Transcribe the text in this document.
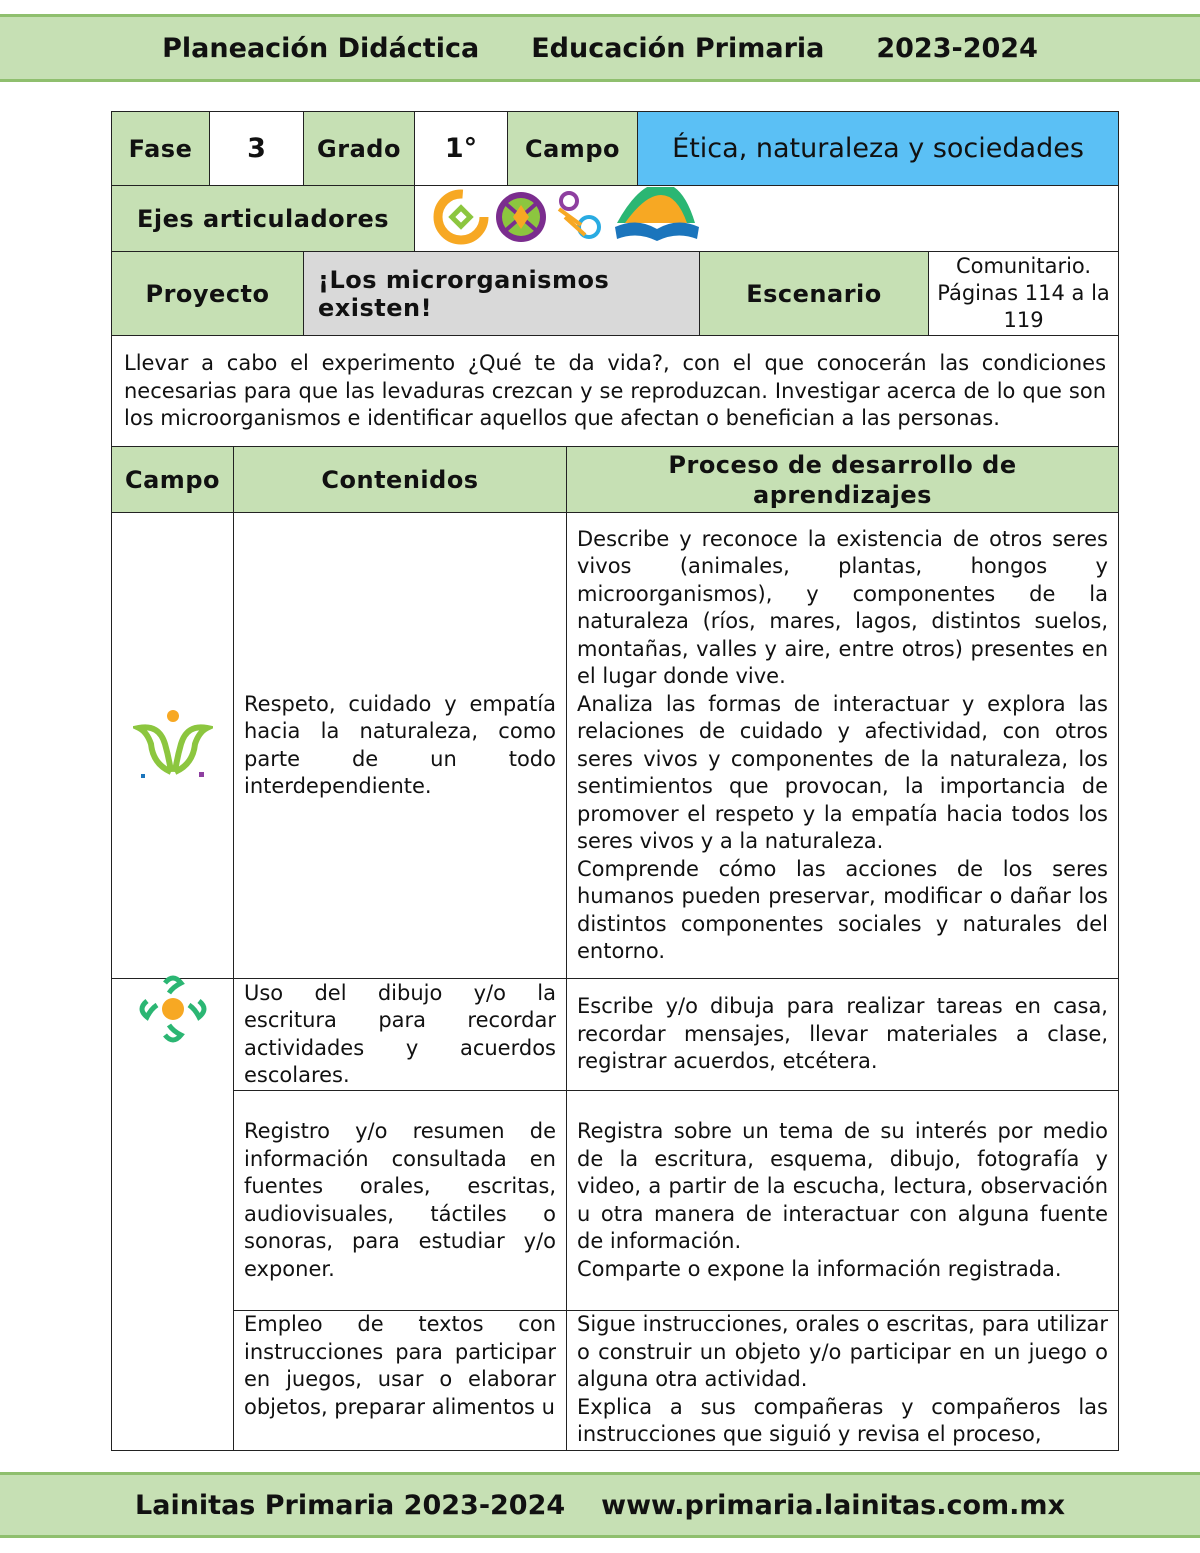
Planeación Didáctica Educación Primaria 2023-2024
Fase	3	Grado	1°	Campo	Ética, naturaleza y sociedades		
Ejes articuladores	
Proyecto		¡Los microrganismos existen!				Escenario	Comunitario. Páginas 114 a la 119
Llevar a cabo el experimento ¿Qué te da vida?, con el que conocerán las condiciones necesarias para que las levaduras crezcan y se reproduzcan. Investigar acerca de lo que son los microorganismos e identificar aquellos que afectan o benefician a las personas.							
Campo	Contenidos	Proceso de desarrollo de aprendizajes
	Respeto, cuidado y empatía hacia la naturaleza, como parte de un todo interdependiente.	Describe y reconoce la existencia de otros seres vivos (animales, plantas, hongos y microorganismos), y componentes de la naturaleza (ríos, mares, lagos, distintos suelos, montañas, valles y aire, entre otros) presentes en el lugar donde vive.

Analiza las formas de interactuar y explora las relaciones de cuidado y afectividad, con otros seres vivos y componentes de la naturaleza, los sentimientos que provocan, la importancia de promover el respeto y la empatía hacia todos los seres vivos y a la naturaleza.

Comprende cómo las acciones de los seres humanos pueden preservar, modificar o dañar los distintos componentes sociales y naturales del entorno.

	Uso del dibujo y/o la escritura para recordar actividades y acuerdos escolares.	Escribe y/o dibuja para realizar tareas en casa, recordar mensajes, llevar materiales a clase, registrar acuerdos, etcétera.

	Registro y/o resumen de información consultada en fuentes orales, escritas, audiovisuales, táctiles o sonoras, para estudiar y/o exponer.	Registra sobre un tema de su interés por medio de la escritura, esquema, dibujo, fotografía y video, a partir de la escucha, lectura, observación u otra manera de interactuar con alguna fuente de información.

Comparte o expone la información registrada.

	Empleo de textos con instrucciones para participar en juegos, usar o elaborar objetos, preparar alimentos u	Sigue instrucciones, orales o escritas, para utilizar o construir un objeto y/o participar en un juego o alguna otra actividad.

Explica a sus compañeras y compañeros las instrucciones que siguió y revisa el proceso,

Lainitas Primaria 2023-2024 www.primaria.lainitas.com.mx
